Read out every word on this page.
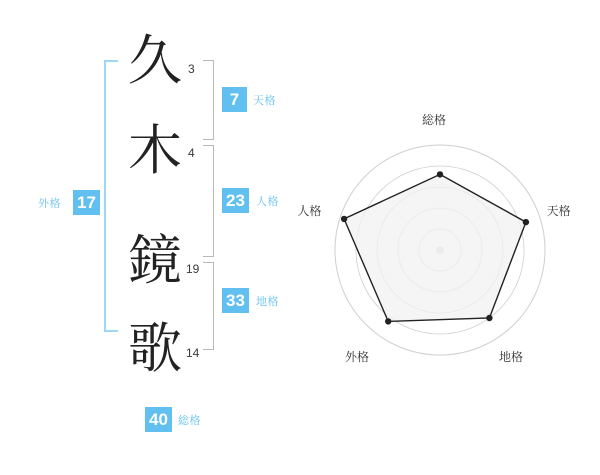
久
木
鏡
歌
3
4
19
14
7	天格
23	人格
33	地格
17
外格
40 総格
総格
天格
地格
外格
人格
